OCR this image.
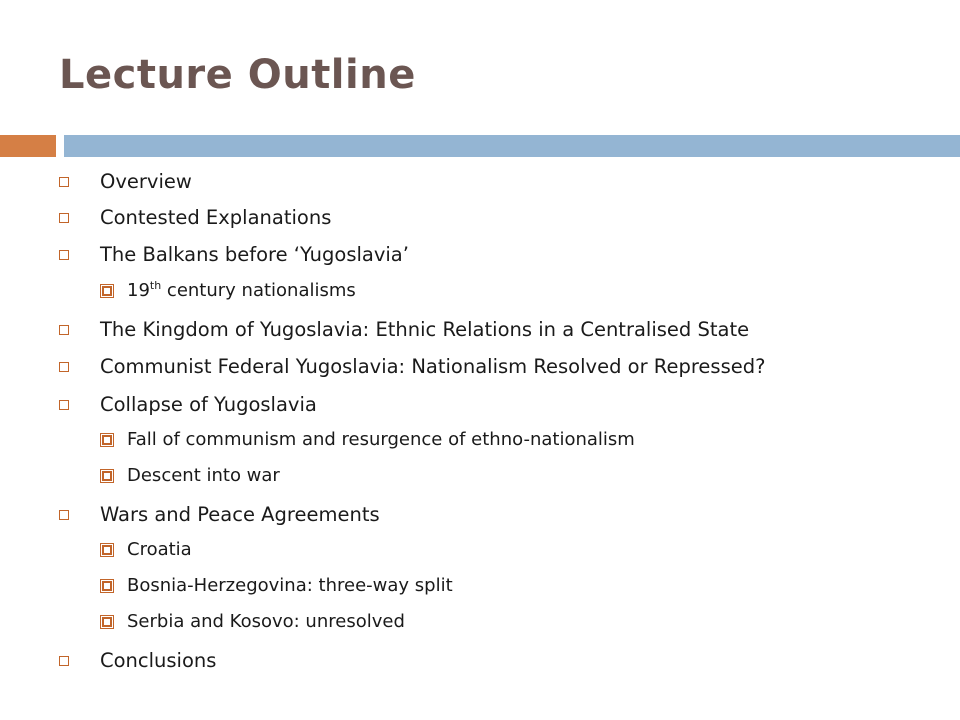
Lecture Outline
Overview
Contested Explanations
The Balkans before ‘Yugoslavia’
19th century nationalisms
The Kingdom of Yugoslavia: Ethnic Relations in a Centralised State
Communist Federal Yugoslavia: Nationalism Resolved or Repressed?
Collapse of Yugoslavia
Fall of communism and resurgence of ethno-nationalism
Descent into war
Wars and Peace Agreements
Croatia
Bosnia-Herzegovina: three-way split
Serbia and Kosovo: unresolved
Conclusions
